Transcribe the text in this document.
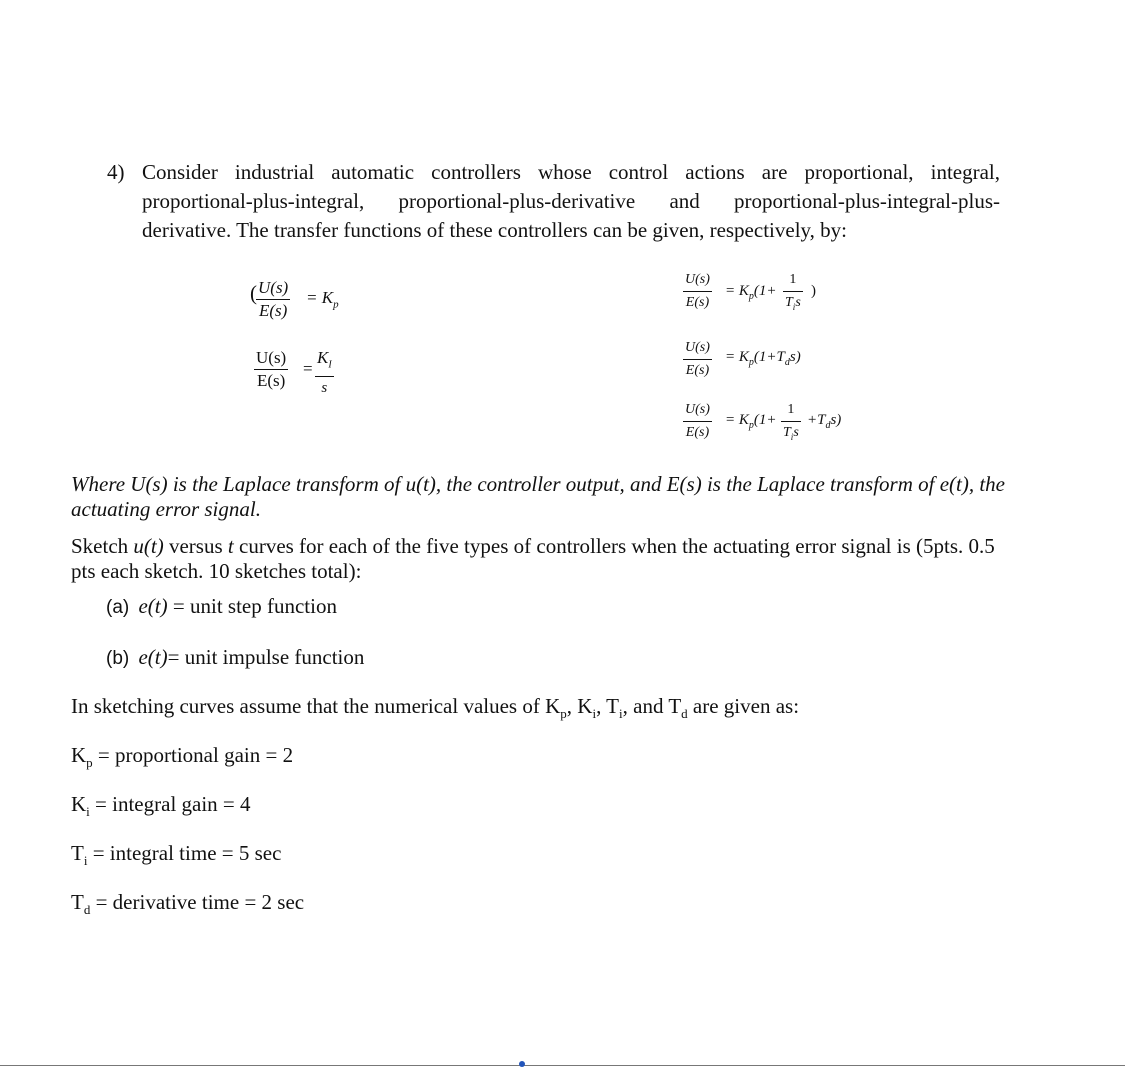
4) Consider industrial automatic controllers whose control actions are proportional, integral, proportional-plus-integral, proportional-plus-derivative and proportional-plus-integral-plus-derivative. The transfer functions of these controllers can be given, respectively, by:
( $\frac{U(s)}{E(s)} = K_p$
$\frac{U(s)}{E(s)} = \frac{K_I}{s}$
$\frac{U(s)}{E(s)} = K_p(1+$
1
$T_is$
)
$\frac{U(s)}{E(s)} = K_p(1+T_ds)$
$\frac{U(s)}{E(s)} = K_p(1+$
1
$T_is$
$+T_ds$)
Where U(s) is the Laplace transform of u(t), the controller output, and E(s) is the Laplace transform of e(t), the actuating error signal.
Sketch u(t) versus t curves for each of the five types of controllers when the actuating error signal is (5pts. 0.5 pts each sketch. 10 sketches total):
(a) e(t) = unit step function
(b) e(t)= unit impulse function
In sketching curves assume that the numerical values of $K_p$, $K_i$, $T_i$, and $T_d$ are given as:
$K_p$ = proportional gain = 2
$K_i$ = integral gain = 4
$T_i$ = integral time = 5 sec
$T_d$ = derivative time = 2 sec
